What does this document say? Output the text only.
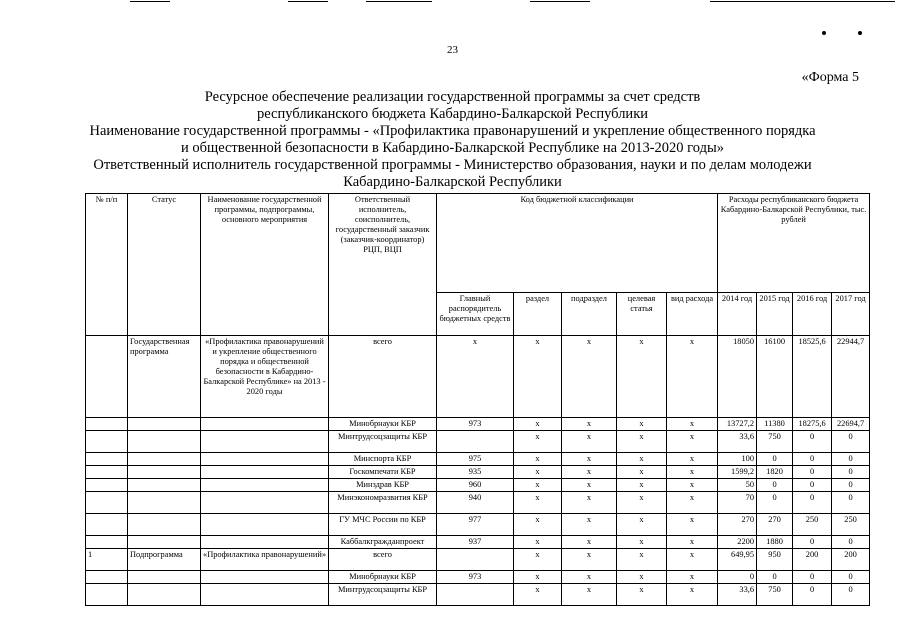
23
«Форма 5
Ресурсное обеспечение реализации государственной программы за счет средств
республиканского бюджета Кабардино-Балкарской Республики
Наименование государственной программы - «Профилактика правонарушений и укрепление общественного порядка
и общественной безопасности в Кабардино-Балкарской Республике на 2013-2020 годы»
Ответственный исполнитель государственной программы - Министерство образования, науки и по делам молодежи
Кабардино-Балкарской Республики
№ п/п	Статус	Наименование государственной программы, подпрограммы, основного мероприятия	Ответственный исполнитель, соисполнитель, государственный заказчик (заказчик-координатор) РЦП, ВЦП	Код бюджетной классификации					Расходы республиканского бюджета Кабардино-Балкарской Республики, тыс. рублей			
				Главный распорядитель бюджетных средств	раздел	подраздел	целевая статья	вид расхода	2014 год	2015 год	2016 год	2017 год
	Государственная программа	«Профилактика правонарушений и укрепление общественного порядка и общественной безопасности в Кабардино-Балкарской Республике» на 2013 - 2020 годы	всего	х	х	х	х	х	18050	16100	18525,6	22944,7
			Минобрнауки КБР	973	х	х	х	х	13727,2	11380	18275,6	22694,7
			Минтрудсоцзащиты КБР		х	х	х	х	33,6	750	0	0
			Минспорта КБР	975	х	х	х	х	100	0	0	0
			Госкомпечати КБР	935	х	х	х	х	1599,2	1820	0	0
			Минздрав КБР	960	х	х	х	х	50	0	0	0
			Минэкономразвития КБР	940	х	х	х	х	70	0	0	0
			ГУ МЧС России по КБР	977	х	х	х	х	270	270	250	250
			Каббалкгражданпроект	937	х	х	х	х	2200	1880	0	0
1	Подпрограмма	«Профилактика правонарушений»	всего		х	х	х	х	649,95	950	200	200
			Минобрнауки КБР	973	х	х	х	х	0	0	0	0
			Минтрудсоцзащиты КБР		х	х	х	х	33,6	750	0	0
